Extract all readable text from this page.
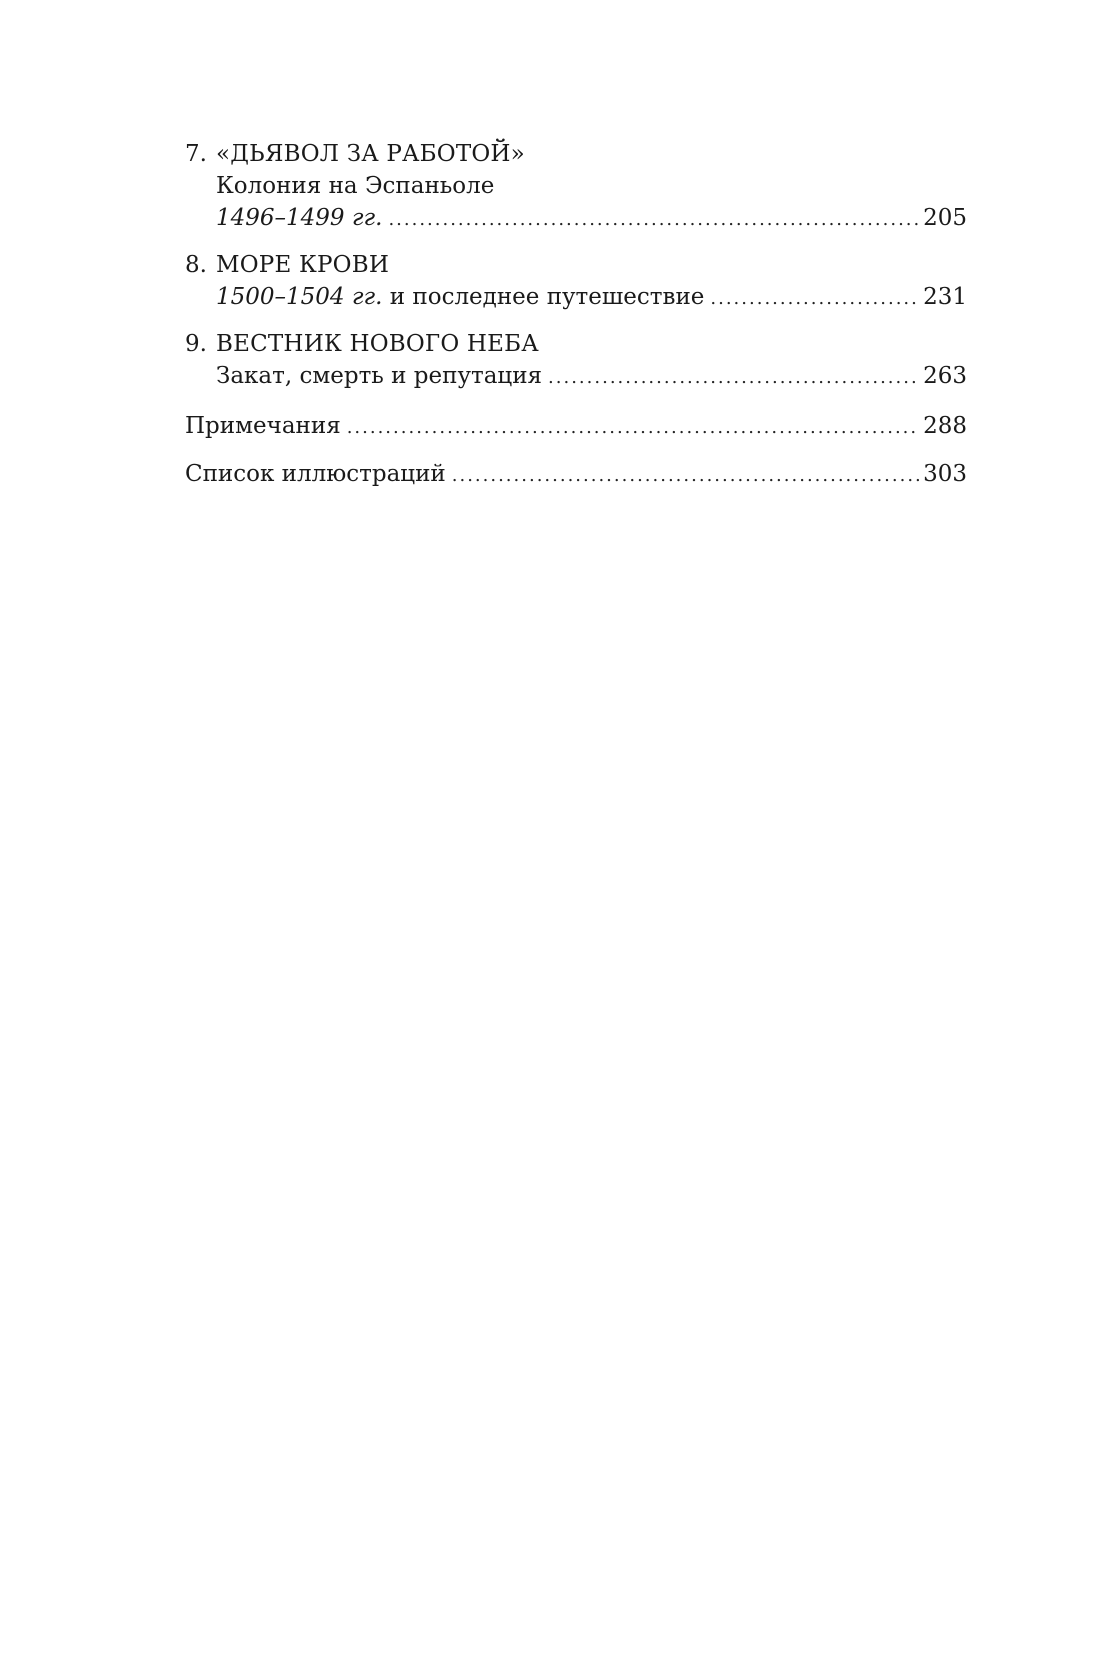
7. «ДЬЯВОЛ ЗА РАБОТОЙ»
Колония на Эспаньоле
1496–1499 гг. .....	205
8. МОРЕ КРОВИ
1500–1504 гг. и последнее путешествие .....	231
9. ВЕСТНИК НОВОГО НЕБА
Закат, смерть и репутация .....	263
Примечания .....	288
Список иллюстраций .....	303
